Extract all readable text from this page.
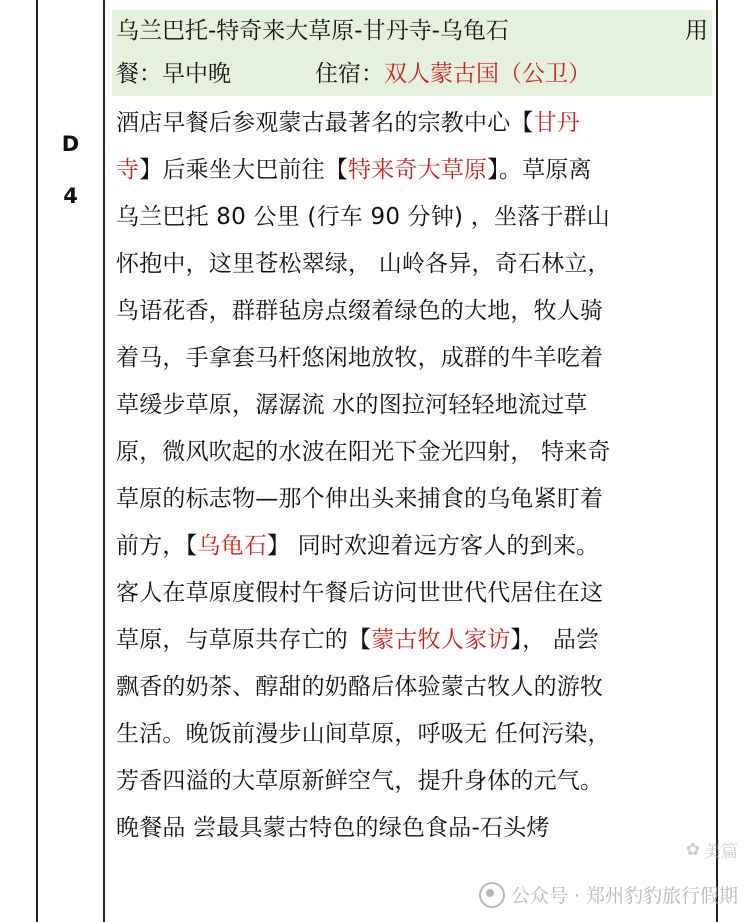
D
4
乌兰巴托-特奇来大草原-甘丹寺-乌龟石	用
餐：早中晚	住宿：双人蒙古国（公卫）
酒店早餐后参观蒙古最著名的宗教中心【甘丹
寺】后乘坐大巴前往【特来奇大草原】。草原离
乌兰巴托 80 公里 (行车 90 分钟) ，坐落于群山
怀抱中，这里苍松翠绿， 山岭各异，奇石林立，
鸟语花香，群群毡房点缀着绿色的大地，牧人骑
着马，手拿套马杆悠闲地放牧，成群的牛羊吃着
草缓步草原，潺潺流 水的图拉河轻轻地流过草
原，微风吹起的水波在阳光下金光四射， 特来奇
草原的标志物—那个伸出头来捕食的乌龟紧盯着
前方，【乌龟石】 同时欢迎着远方客人的到来。
客人在草原度假村午餐后访问世世代代居住在这
草原，与草原共存亡的【蒙古牧人家访】， 品尝
飘香的奶茶、醇甜的奶酪后体验蒙古牧人的游牧
生活。晚饭前漫步山间草原，呼吸无 任何污染，
芳香四溢的大草原新鲜空气，提升身体的元气。
晚餐品 尝最具蒙古特色的绿色食品-石头烤
✿ 美篇
公众号 · 郑州豹豹旅行假期
